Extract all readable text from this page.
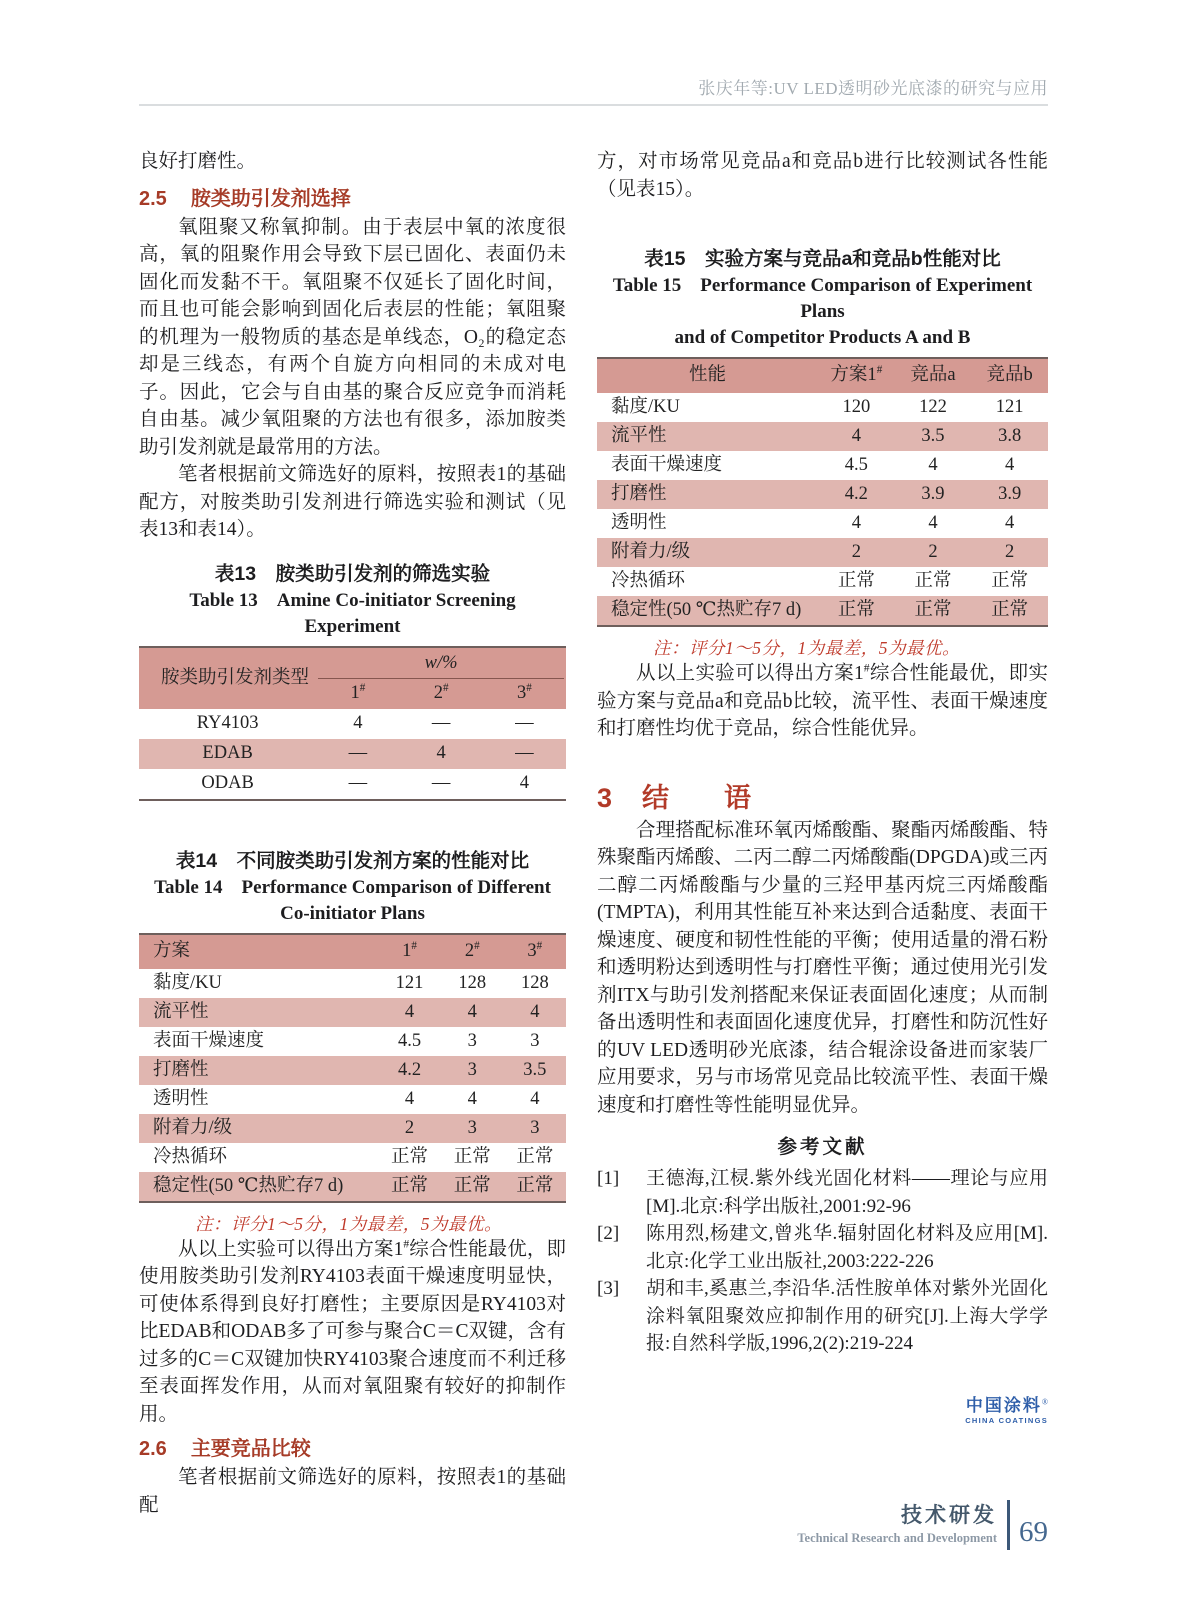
张庆年等:UV LED透明砂光底漆的研究与应用

良好打磨性。

2.5 胺类助引发剂选择

氧阻聚又称氧抑制。由于表层中氧的浓度很高，氧的阻聚作用会导致下层已固化、表面仍未固化而发黏不干。氧阻聚不仅延长了固化时间，而且也可能会影响到固化后表层的性能；氧阻聚的机理为一般物质的基态是单线态，O₂的稳定态却是三线态，有两个自旋方向相同的未成对电子。因此，它会与自由基的聚合反应竞争而消耗自由基。减少氧阻聚的方法也有很多，添加胺类助引发剂就是最常用的方法。

笔者根据前文筛选好的原料，按照表1的基础配方，对胺类助引发剂进行筛选实验和测试（见表13和表14）。

表13　胺类助引发剂的筛选实验
Table 13　Amine Co-initiator Screening Experiment
胺类助引发剂类型	w/%		

	1#	2#	3#
RY4103	4	—	—
EDAB	—	4	—
ODAB	—	—	4
表14　不同胺类助引发剂方案的性能对比
Table 14　Performance Comparison of Different
Co-initiator Plans
方案	1#	2#	3#
黏度/KU	121	128	128
流平性	4	4	4
表面干燥速度	4.5	3	3
打磨性	4.2	3	3.5
透明性	4	4	4
附着力/级	2	3	3
冷热循环	正常	正常	正常
稳定性(50 ℃热贮存7 d)	正常	正常	正常
注：评分1～5分，1为最差，5为最优。

从以上实验可以得出方案1#综合性能最优，即使用胺类助引发剂RY4103表面干燥速度明显快，可使体系得到良好打磨性；主要原因是RY4103对比EDAB和ODAB多了可参与聚合C＝C双键，含有过多的C＝C双键加快RY4103聚合速度而不利迁移至表面挥发作用，从而对氧阻聚有较好的抑制作用。

2.6 主要竞品比较

笔者根据前文筛选好的原料，按照表1的基础配

方，对市场常见竞品a和竞品b进行比较测试各性能（见表15）。

表15　实验方案与竞品a和竞品b性能对比
Table 15　Performance Comparison of Experiment Plans
and of Competitor Products A and B
性能	方案1#	竞品a	竞品b
黏度/KU	120	122	121
流平性	4	3.5	3.8
表面干燥速度	4.5	4	4
打磨性	4.2	3.9	3.9
透明性	4	4	4
附着力/级	2	2	2
冷热循环	正常	正常	正常
稳定性(50 ℃热贮存7 d)	正常	正常	正常
注：评分1～5分，1为最差，5为最优。

从以上实验可以得出方案1#综合性能最优，即实验方案与竞品a和竞品b比较，流平性、表面干燥速度和打磨性均优于竞品，综合性能优异。

3 结　语

合理搭配标准环氧丙烯酸酯、聚酯丙烯酸酯、特殊聚酯丙烯酸、二丙二醇二丙烯酸酯(DPGDA)或三丙二醇二丙烯酸酯与少量的三羟甲基丙烷三丙烯酸酯(TMPTA)，利用其性能互补来达到合适黏度、表面干燥速度、硬度和韧性性能的平衡；使用适量的滑石粉和透明粉达到透明性与打磨性平衡；通过使用光引发剂ITX与助引发剂搭配来保证表面固化速度；从而制备出透明性和表面固化速度优异，打磨性和防沉性好的UV LED透明砂光底漆，结合辊涂设备进而家装厂应用要求，另与市场常见竞品比较流平性、表面干燥速度和打磨性等性能明显优异。

参考文献
[1]	王德海,江棂.紫外线光固化材料——理论与应用[M].北京:科学出版社,2001:92-96
[2]	陈用烈,杨建文,曾兆华.辐射固化材料及应用[M].北京:化学工业出版社,2003:222-226
[3]	胡和丰,奚惠兰,李沿华.活性胺单体对紫外光固化涂料氧阻聚效应抑制作用的研究[J].上海大学学报:自然科学版,1996,2(2):219-224
中国涂料®
CHINA COATINGS
技术研发
Technical Research and Development 69
